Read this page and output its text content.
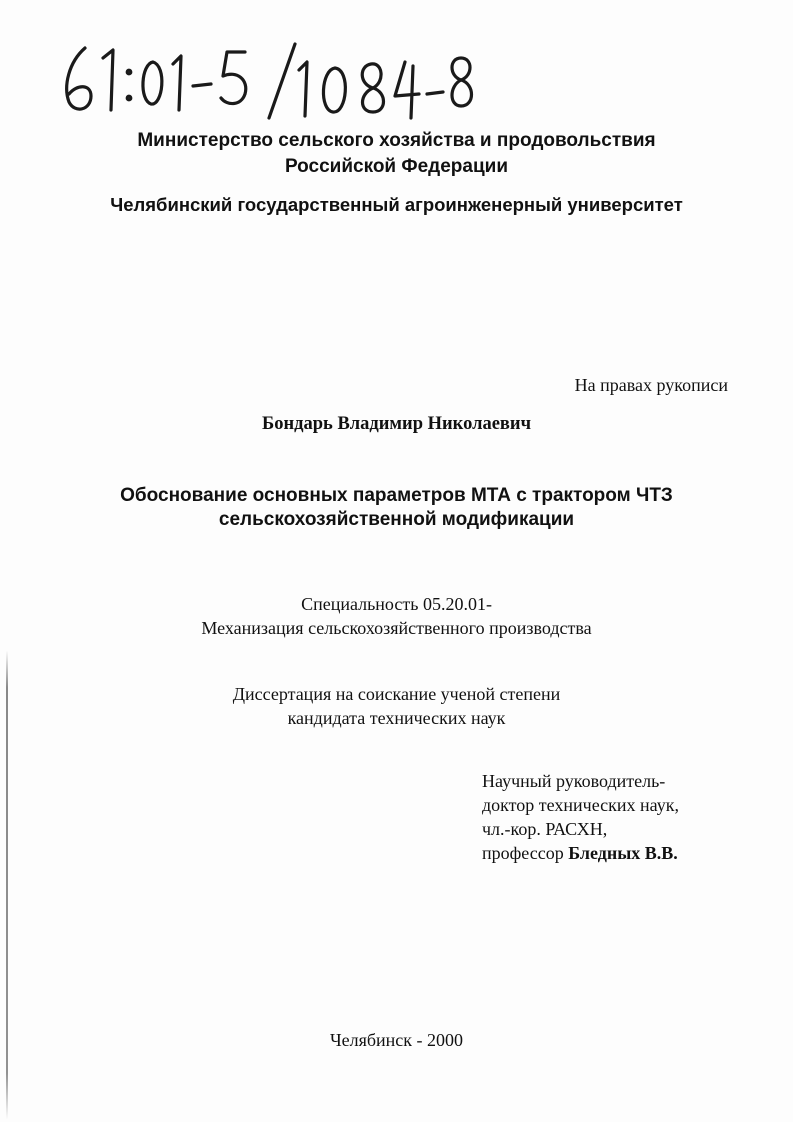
Министерство сельского хозяйства и продовольствия
Российской Федерации
Челябинский государственный агроинженерный университет
На правах рукописи
Бондарь Владимир Николаевич
Обоснование основных параметров МТА с трактором ЧТЗ
сельскохозяйственной модификации
Специальность 05.20.01-
Механизация сельскохозяйственного производства
Диссертация на соискание ученой степени
кандидата технических наук
Научный руководитель-
доктор технических наук,
чл.-кор. РАСХН,
профессор Бледных В.В.
Челябинск - 2000
